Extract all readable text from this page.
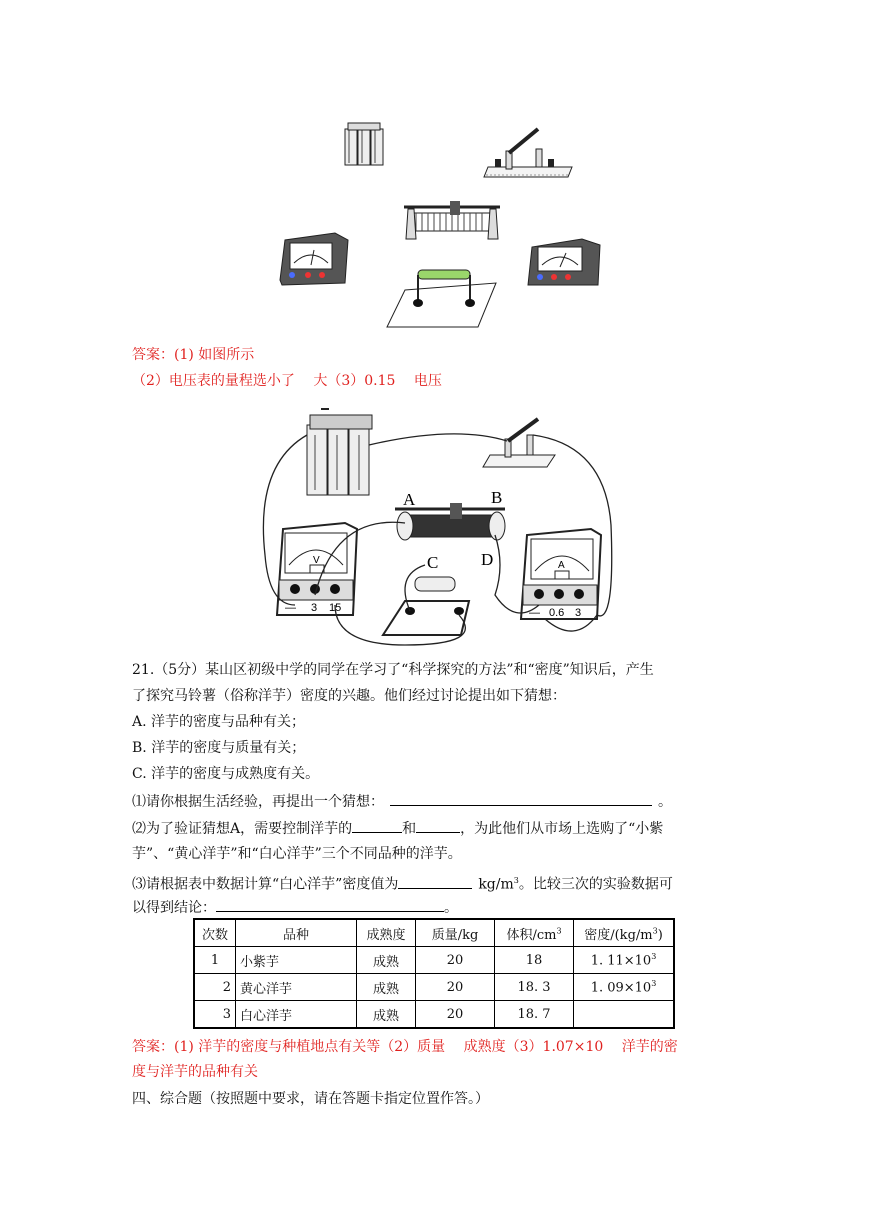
答案：(1) 如图所示
（2）电压表的量程选小了　 大（3）0.15　 电压
A	B
C	D
V
— 3 15
A
— 0.6 3
21.（5分）某山区初级中学的同学在学习了“科学探究的方法”和“密度”知识后，产生
了探究马铃薯（俗称洋芋）密度的兴趣。他们经过讨论提出如下猜想：
A. 洋芋的密度与品种有关；
B. 洋芋的密度与质量有关；
C. 洋芋的密度与成熟度有关。
⑴请你根据生活经验，再提出一个猜想：	。
⑵为了验证猜想A，需要控制洋芋的	和	，为此他们从市场上选购了“小紫
芋”、“黄心洋芋”和“白心洋芋”三个不同品种的洋芋。
⑶请根据表中数据计算“白心洋芋”密度值为	$kg/m^3$。比较三次的实验数据可
以得到结论：	。
次数	品种	成熟度	质量/kg	体积$/cm^3$	密度$/(kg/m^3)$
1	小紫芋	成熟	20	18	1. $11\times 10^3$
2	黄心洋芋	成熟	20	18. 3	1. $09\times 10^3$
3	白心洋芋	成熟	20	18. 7	
答案：(1) 洋芋的密度与种植地点有关等（2）质量　 成熟度（3）1.07×10　 洋芋的密
度与洋芋的品种有关
四、综合题（按照题中要求，请在答题卡指定位置作答。）
